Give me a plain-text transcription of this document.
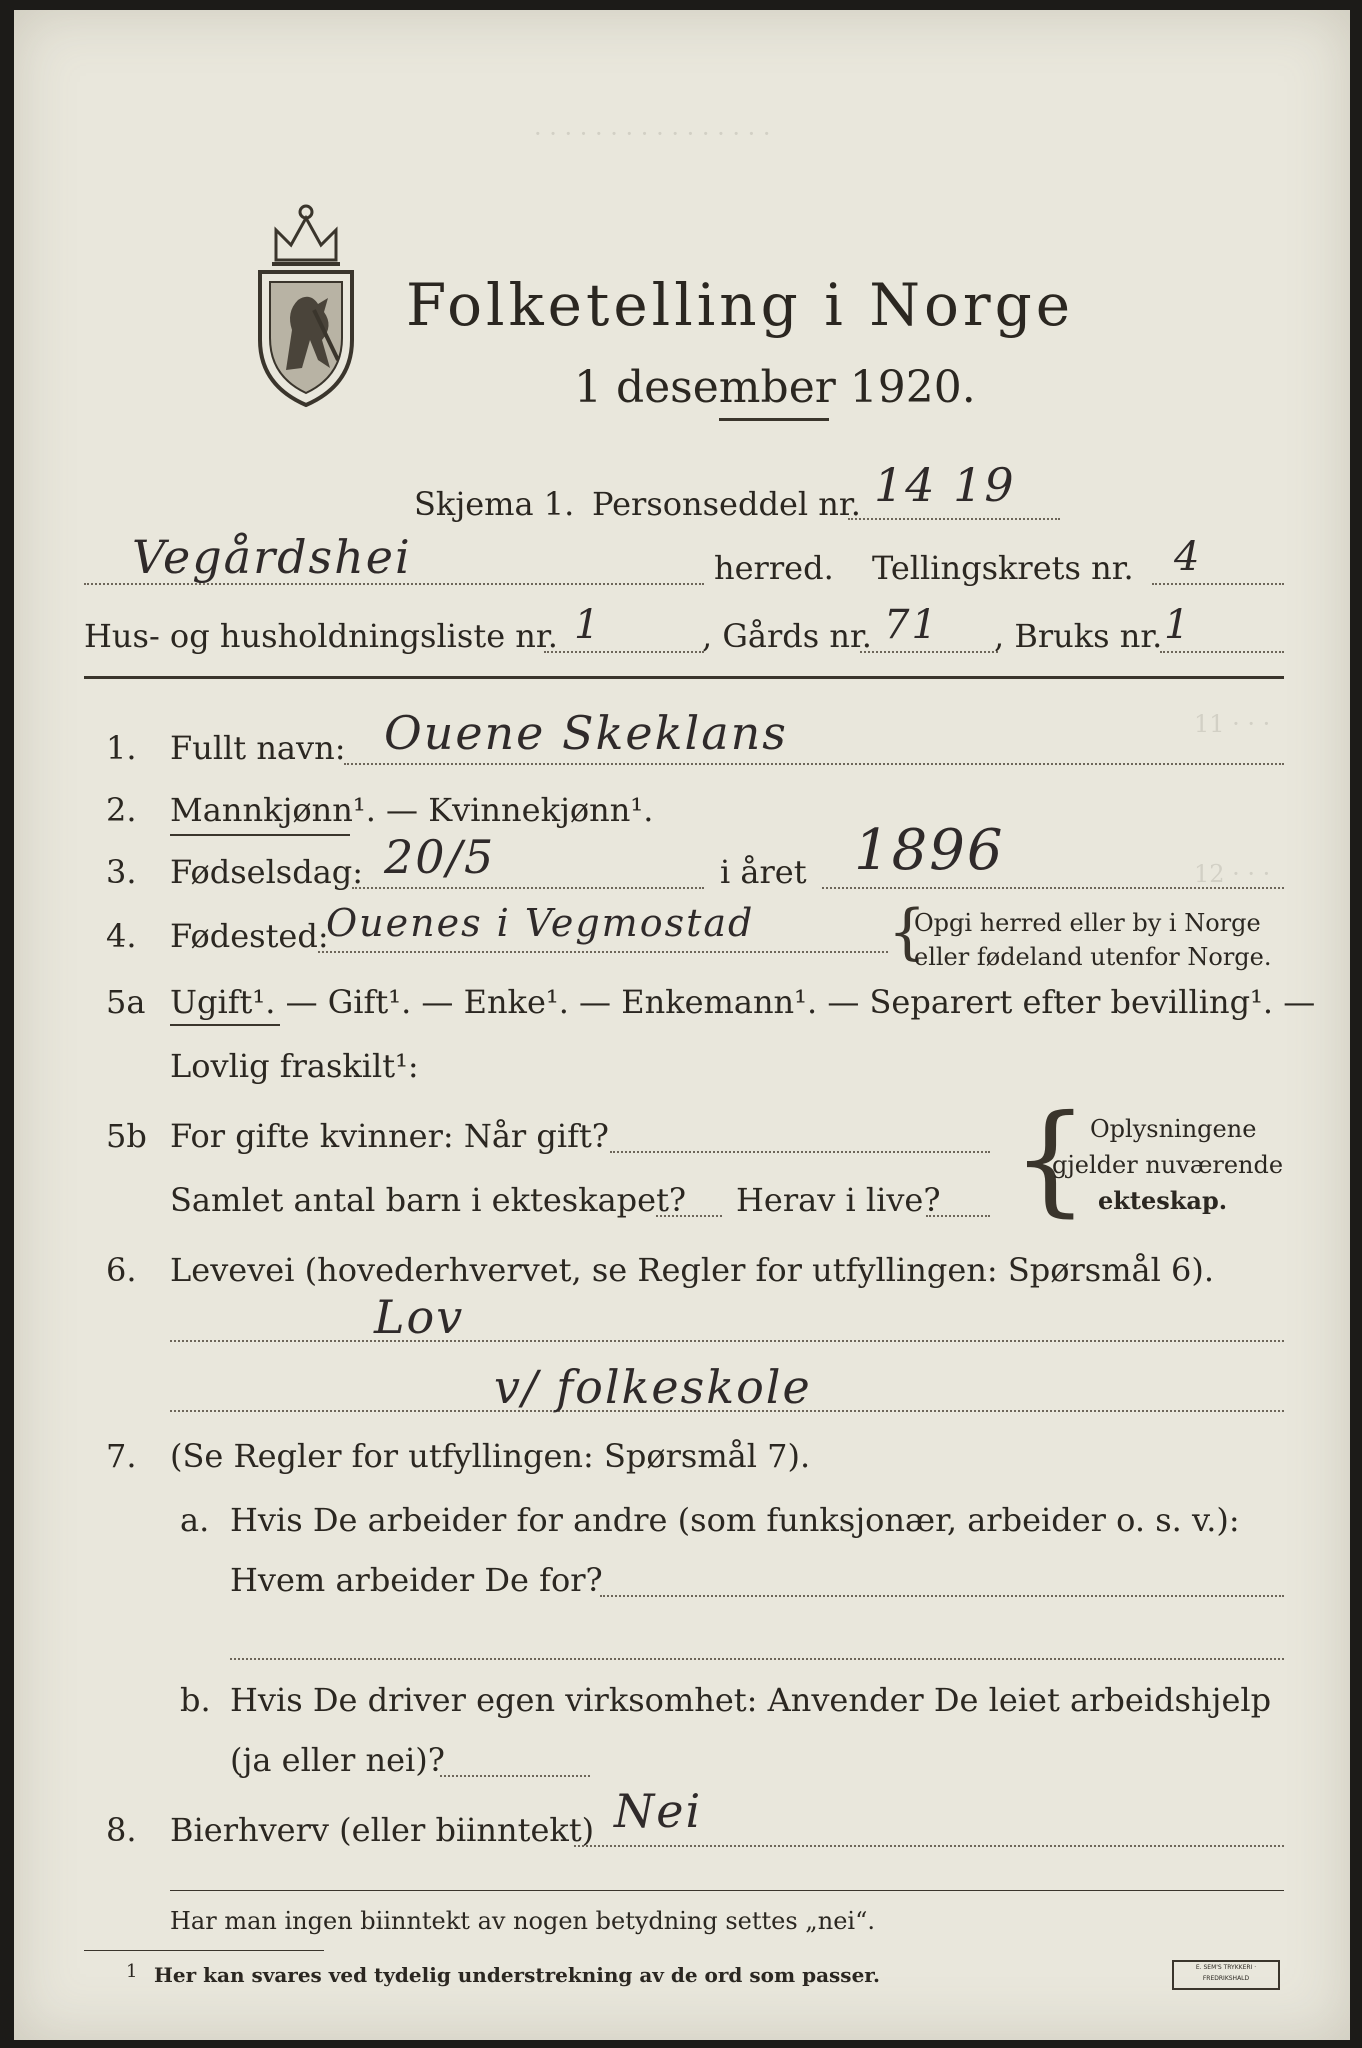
· · · · · · · · · · · · · · · ·
11 · · ·
12 · · ·
Folketelling i Norge
1 desember 1920.
Skjema 1. Personseddel nr. 14 19
Vegårdshei	herred. Tellingskrets nr. 4
Hus- og husholdningsliste nr. 1	, Gårds nr. 71 , Bruks nr. 1
1. Fullt navn: Ouene Skeklans
2. Mannkjønn¹. — Kvinnekjønn¹.
3. Fødselsdag: 20/5	i året 1896
4. Fødested:
Ouenes i Vegmostad {
Opgi herred eller by i Norge
eller fødeland utenfor Norge.
5a Ugift¹. — Gift¹. — Enke¹. — Enkemann¹. — Separert efter bevilling¹. —
Lovlig fraskilt¹:
5b For gifte kvinner: Når gift?
Samlet antal barn i ekteskapet? Herav i live? { Oplysningene
gjelder nuværende
ekteskap.
6. Levevei (hovederhvervet, se Regler for utfyllingen: Spørsmål 6).
Lov
v/ folkeskole
7. (Se Regler for utfyllingen: Spørsmål 7).
a. Hvis De arbeider for andre (som funksjonær, arbeider o. s. v.):
Hvem arbeider De for?
b. Hvis De driver egen virksomhet: Anvender De leiet arbeidshjelp
(ja eller nei)?
8. Bierhverv (eller biinntekt) Nei
Har man ingen biinntekt av nogen betydning settes „nei“.
1 Her kan svares ved tydelig understrekning av de ord som passer.	E. SEM'S TRYKKERI · FREDRIKSHALD
